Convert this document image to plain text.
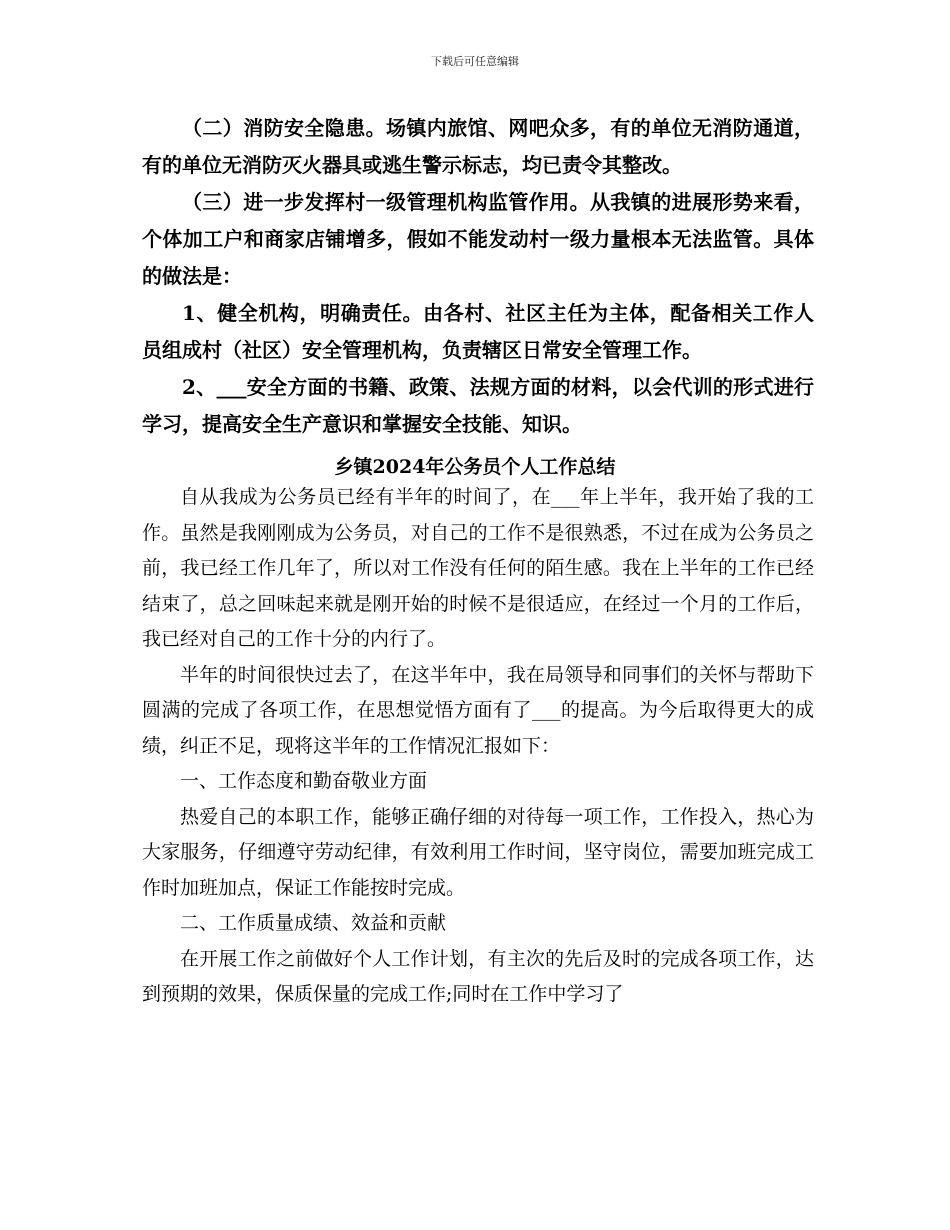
下载后可任意编辑

（二）消防安全隐患。场镇内旅馆、网吧众多，有的单位无消防通道，有的单位无消防灭火器具或逃生警示标志，均已责令其整改。

（三）进一步发挥村一级管理机构监管作用。从我镇的进展形势来看，个体加工户和商家店铺增多，假如不能发动村一级力量根本无法监管。具体的做法是：

1、健全机构，明确责任。由各村、社区主任为主体，配备相关工作人员组成村（社区）安全管理机构，负责辖区日常安全管理工作。

2、___安全方面的书籍、政策、法规方面的材料，以会代训的形式进行学习，提高安全生产意识和掌握安全技能、知识。

乡镇2024年公务员个人工作总结

自从我成为公务员已经有半年的时间了，在___年上半年，我开始了我的工作。虽然是我刚刚成为公务员，对自己的工作不是很熟悉，不过在成为公务员之前，我已经工作几年了，所以对工作没有任何的陌生感。我在上半年的工作已经结束了，总之回味起来就是刚开始的时候不是很适应，在经过一个月的工作后，我已经对自己的工作十分的内行了。

半年的时间很快过去了，在这半年中，我在局领导和同事们的关怀与帮助下圆满的完成了各项工作，在思想觉悟方面有了___的提高。为今后取得更大的成绩，纠正不足，现将这半年的工作情况汇报如下：

一、工作态度和勤奋敬业方面

热爱自己的本职工作，能够正确仔细的对待每一项工作，工作投入，热心为大家服务，仔细遵守劳动纪律，有效利用工作时间，坚守岗位，需要加班完成工作时加班加点，保证工作能按时完成。

二、工作质量成绩、效益和贡献

在开展工作之前做好个人工作计划，有主次的先后及时的完成各项工作，达到预期的效果，保质保量的完成工作;同时在工作中学习了
